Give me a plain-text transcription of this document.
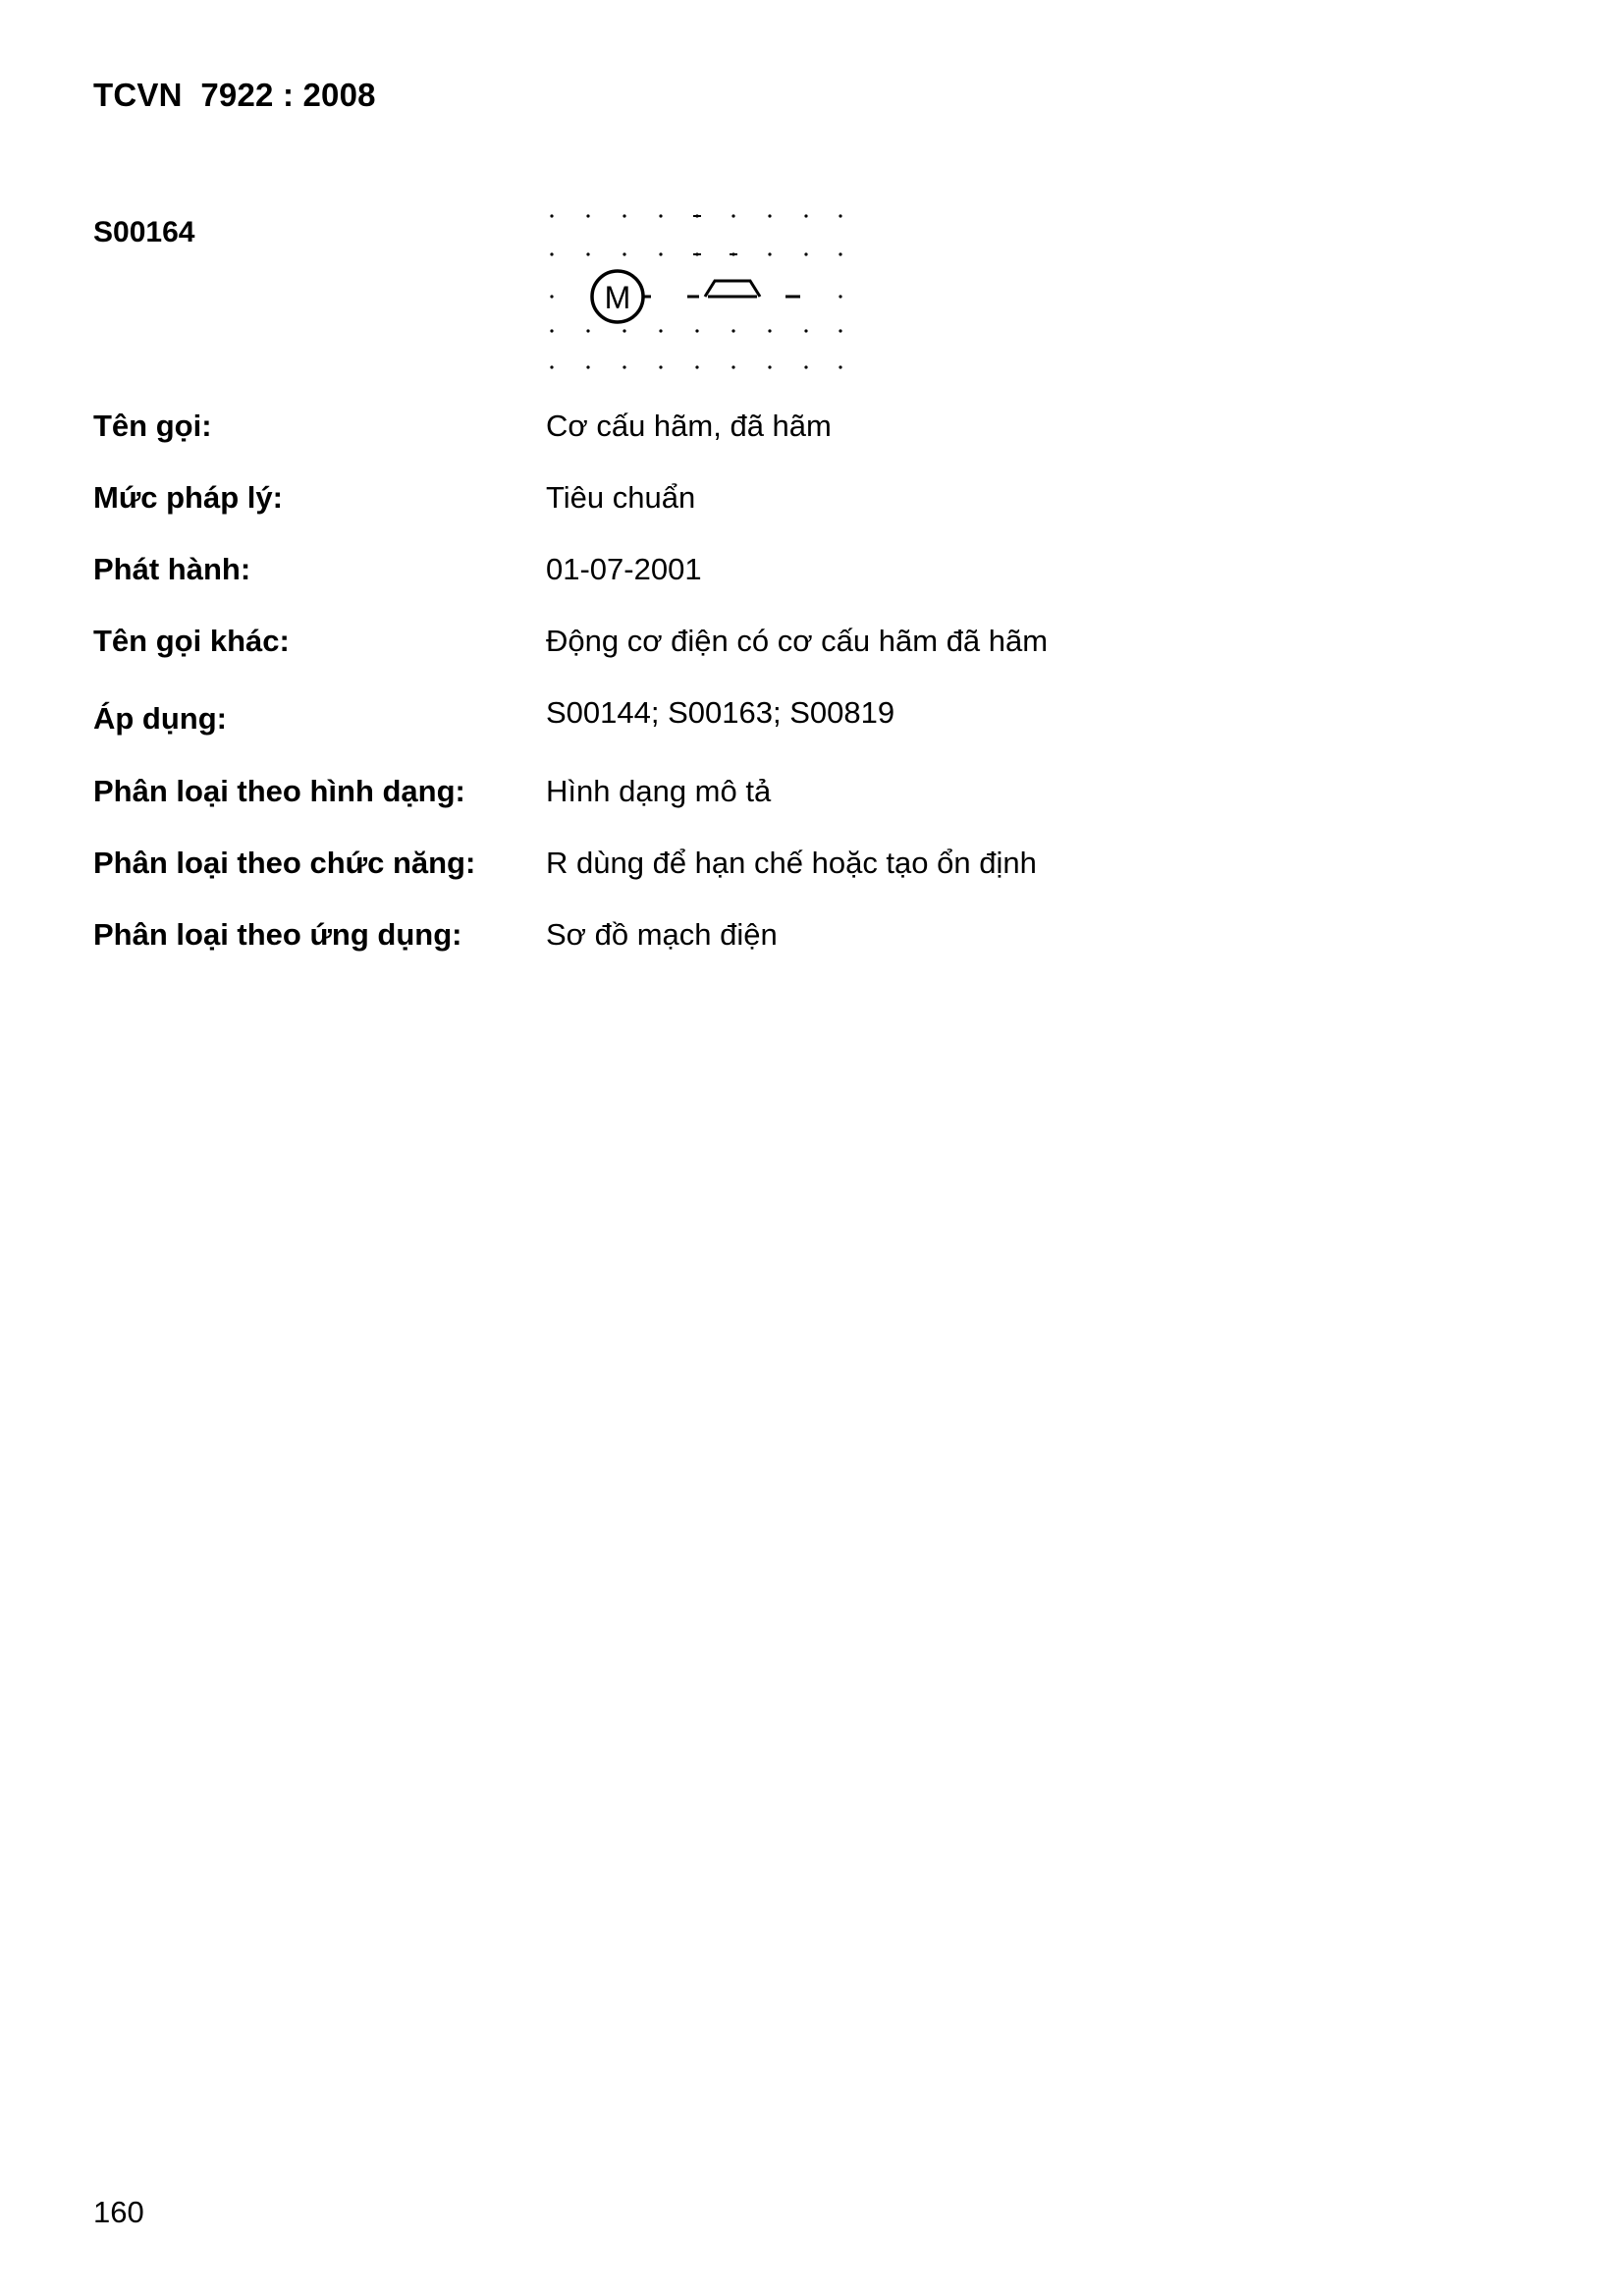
TCVN  7922 : 2008
S00164
M
Tên gọi:	Cơ cấu hãm, đã hãm
Mức pháp lý:	Tiêu chuẩn
Phát hành:	01-07-2001
Tên gọi khác:	Động cơ điện có cơ cấu hãm đã hãm
Áp dụng:	S00144; S00163; S00819
Phân loại theo hình dạng:	Hình dạng mô tả
Phân loại theo chức năng: R dùng để hạn chế hoặc tạo ổn định
Phân loại theo ứng dụng:	Sơ đồ mạch điện
160
